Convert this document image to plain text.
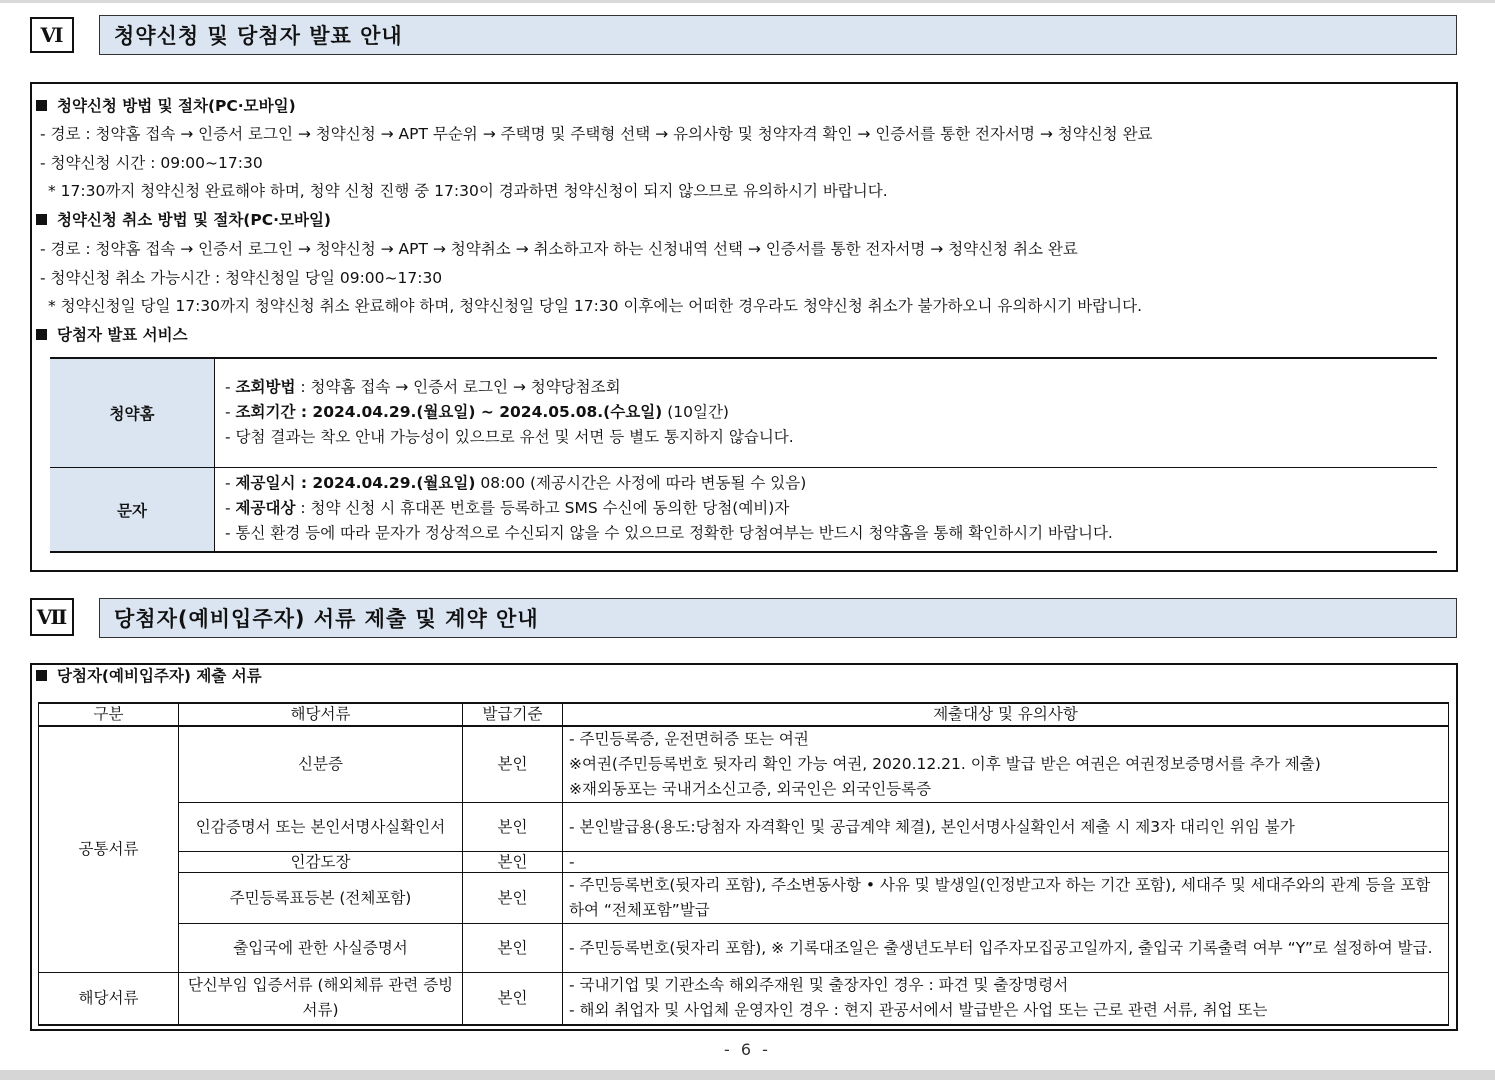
Ⅵ	청약신청 및 당첨자 발표 안내
청약신청 방법 및 절차(PC·모바일)
- 경로 : 청약홈 접속 → 인증서 로그인 → 청약신청 → APT 무순위 → 주택명 및 주택형 선택 → 유의사항 및 청약자격 확인 → 인증서를 통한 전자서명 → 청약신청 완료
- 청약신청 시간 : 09:00~17:30
* 17:30까지 청약신청 완료해야 하며, 청약 신청 진행 중 17:30이 경과하면 청약신청이 되지 않으므로 유의하시기 바랍니다.
청약신청 취소 방법 및 절차(PC·모바일)
- 경로 : 청약홈 접속 → 인증서 로그인 → 청약신청 → APT → 청약취소 → 취소하고자 하는 신청내역 선택 → 인증서를 통한 전자서명 → 청약신청 취소 완료
- 청약신청 취소 가능시간 : 청약신청일 당일 09:00~17:30
* 청약신청일 당일 17:30까지 청약신청 취소 완료해야 하며, 청약신청일 당일 17:30 이후에는 어떠한 경우라도 청약신청 취소가 불가하오니 유의하시기 바랍니다.
당첨자 발표 서비스
청약홈
- 조회방법 : 청약홈 접속 → 인증서 로그인 → 청약당첨조회
- 조회기간 : 2024.04.29.(월요일) ~ 2024.05.08.(수요일) (10일간)
- 당첨 결과는 착오 안내 가능성이 있으므로 유선 및 서면 등 별도 통지하지 않습니다.
문자
- 제공일시 : 2024.04.29.(월요일) 08:00 (제공시간은 사정에 따라 변동될 수 있음)
- 제공대상 : 청약 신청 시 휴대폰 번호를 등록하고 SMS 수신에 동의한 당첨(예비)자
- 통신 환경 등에 따라 문자가 정상적으로 수신되지 않을 수 있으므로 정확한 당첨여부는 반드시 청약홈을 통해 확인하시기 바랍니다.
Ⅶ	당첨자(예비입주자) 서류 제출 및 계약 안내
당첨자(예비입주자) 제출 서류
구분	해당서류	발급기준	제출대상 및 유의사항
공통서류	신분증	본인	- 주민등록증, 운전면허증 또는 여권
※여권(주민등록번호 뒷자리 확인 가능 여권, 2020.12.21. 이후 발급 받은 여권은 여권정보증명서를 추가 제출)
※재외동포는 국내거소신고증, 외국인은 외국인등록증

	인감증명서 또는 본인서명사실확인서	본인	- 본인발급용(용도:당첨자 자격확인 및 공급계약 체결), 본인서명사실확인서 제출 시 제3자 대리인 위임 불가
	인감도장	본인	-
	주민등록표등본 (전체포함)	본인	- 주민등록번호(뒷자리 포함), 주소변동사항 • 사유 및 발생일(인정받고자 하는 기간 포함), 세대주 및 세대주와의 관계 등을 포함하여 “전체포함”발급
	출입국에 관한 사실증명서	본인	- 주민등록번호(뒷자리 포함), ※ 기록대조일은 출생년도부터 입주자모집공고일까지, 출입국 기록출력 여부 “Y”로 설정하여 발급.
해당서류	단신부임 입증서류 (해외체류 관련 증빙서류)	본인	- 국내기업 및 기관소속 해외주재원 및 출장자인 경우 : 파견 및 출장명령서
- 해외 취업자 및 사업체 운영자인 경우 : 현지 관공서에서 발급받은 사업 또는 근로 관련 서류, 취업 또는
- 6 -
